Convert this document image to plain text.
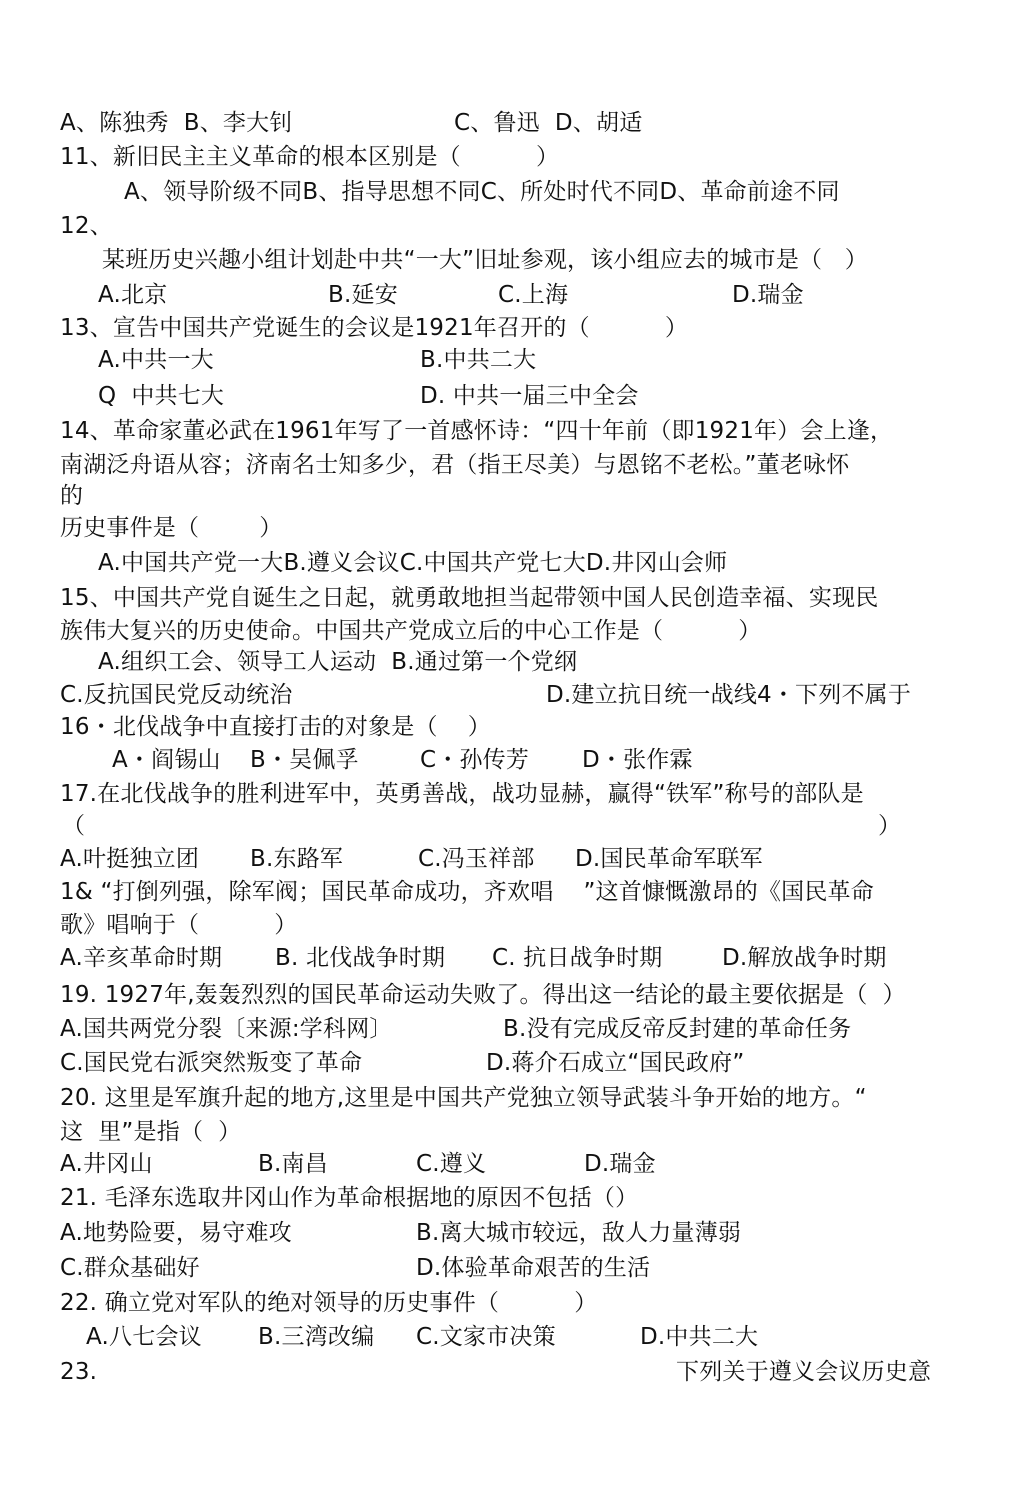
A、陈独秀  B、李大钊	C、鲁迅  D、胡适
11、新旧民主主义革命的根本区别是（          ）
A、领导阶级不同B、指导思想不同C、所处时代不同D、革命前途不同
12、
某班历史兴趣小组计划赴中共“一大”旧址参观，该小组应去的城市是（   ）
A.北京	B.延安	C.上海	D.瑞金
13、宣告中国共产党诞生的会议是1921年召开的（          ）
A.中共一大	B.中共二大
Q  中共七大	D. 中共一届三中全会
14、革命家董必武在1961年写了一首感怀诗：“四十年前（即1921年）会上逢，
南湖泛舟语从容；济南名士知多少，君（指王尽美）与恩铭不老松。”董老咏怀
的
历史事件是（        ）
A.中国共产党一大B.遵义会议C.中国共产党七大D.井冈山会师
15、中国共产党自诞生之日起，就勇敢地担当起带领中国人民创造幸福、实现民
族伟大复兴的历史使命。中国共产党成立后的中心工作是（          ）
A.组织工会、领导工人运动  B.通过第一个党纲
C.反抗国民党反动统治	D.建立抗日统一战线4・下列不属于
16・北伐战争中直接打击的对象是（    ）
A・阎锡山 B・吴佩孚	C・孙传芳 D・张作霖
17.在北伐战争的胜利进军中，英勇善战，战功显赫，赢得“铁军”称号的部队是
（	）
A.叶挺独立团 B.东路军	C.冯玉祥部 D.国民革命军联军
1& “打倒列强，除军阀；国民革命成功，齐欢唱    ”这首慷慨激昂的《国民革命
歌》唱响于（          ）
A.辛亥革命时期 B. 北伐战争时期 C. 抗日战争时期	D.解放战争时期
19. 1927年,轰轰烈烈的国民革命运动失败了。得出这一结论的最主要依据是（  ）
A.国共两党分裂〔来源:学科网〕	B.没有完成反帝反封建的革命任务
C.国民党右派突然叛变了革命	D.蒋介石成立“国民政府”
20. 这里是军旗升起的地方,这里是中国共产党独立领导武装斗争开始的地方。“
这  里”是指（  ）
A.井冈山	B.南昌	C.遵义	D.瑞金
21. 毛泽东选取井冈山作为革命根据地的原因不包括（）
A.地势险要，易守难攻	B.离大城市较远，敌人力量薄弱
C.群众基础好	D.体验革命艰苦的生活
22. 确立党对军队的绝对领导的历史事件（          ）
A.八七会议 B.三湾改编 C.文家市决策	D.中共二大
23.	下列关于遵义会议历史意
